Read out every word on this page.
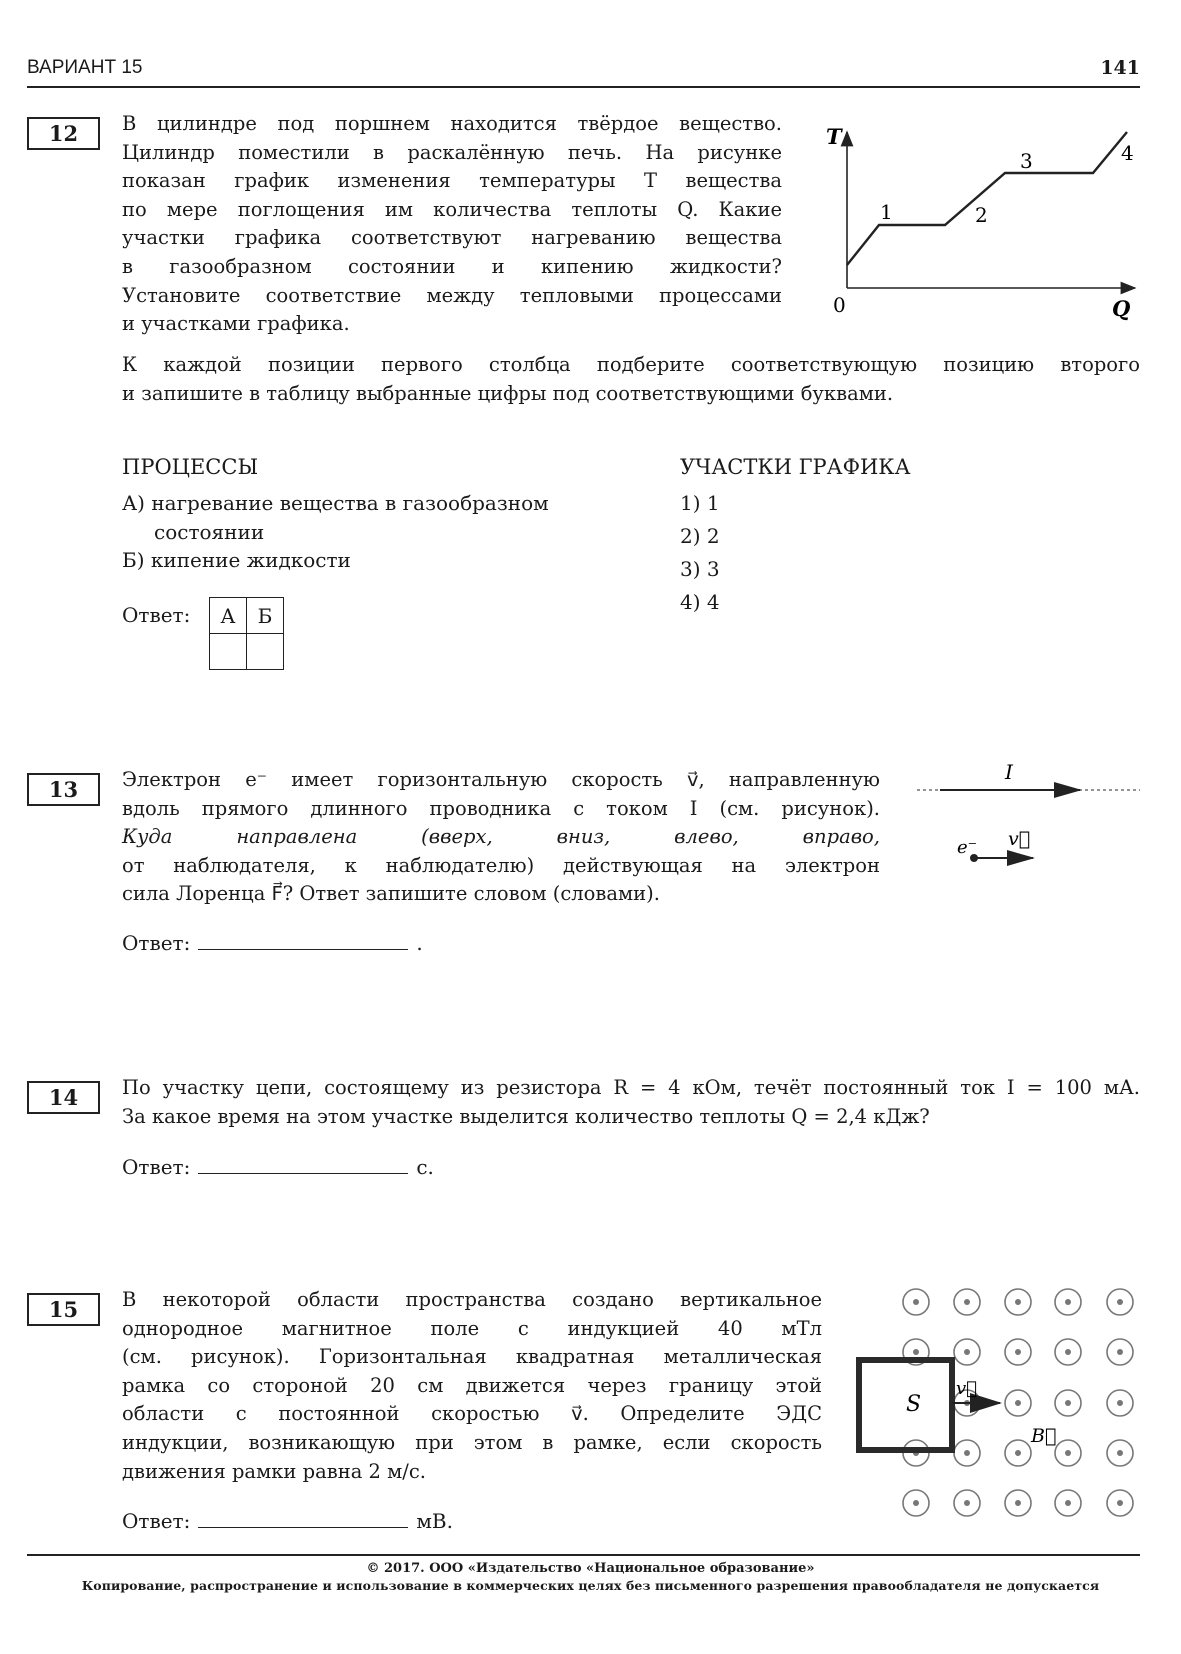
ВАРИАНТ 15	141
12	В цилиндре под поршнем находится твёрдое вещество.
Цилиндр поместили в раскалённую печь. На рисунке
показан график изменения температуры T вещества
по мере поглощения им количества теплоты Q. Какие
участки графика соответствуют нагреванию вещества
в газообразном состоянии и кипению жидкости?
Установите соответствие между тепловыми процессами
и участками графика.
T
Q
0
1	2
3	4
К каждой позиции первого столбца подберите соответствующую позицию второго
и запишите в таблицу выбранные цифры под соответствующими буквами.
ПРОЦЕССЫ	УЧАСТКИ ГРАФИКА
А) нагревание вещества в газообразном
состоянии
Б) кипение жидкости
1) 1
2) 2
3) 3
4) 4
Ответ: А	Б

13	Электрон e⁻ имеет горизонтальную скорость v⃗, направленную
вдоль прямого длинного проводника с током I (см. рисунок).
Куда направлена (вверх, вниз, влево, вправо,
от наблюдателя, к наблюдателю) действующая на электрон
сила Лоренца F⃗? Ответ запишите словом (словами).
I
e⁻ v⃗
Ответ:	.
14	По участку цепи, состоящему из резистора R = 4 кОм, течёт постоянный ток I = 100 мА.
За какое время на этом участке выделится количество теплоты Q = 2,4 кДж?
Ответ:	с.
15	В некоторой области пространства создано вертикальное
однородное магнитное поле с индукцией 40 мТл
(см. рисунок). Горизонтальная квадратная металлическая
рамка со стороной 20 см движется через границу этой
области с постоянной скоростью v⃗. Определите ЭДС
индукции, возникающую при этом в рамке, если скорость
движения рамки равна 2 м/с.
S
v⃗
B⃗
Ответ:	мВ.
© 2017. ООО «Издательство «Национальное образование»
Копирование, распространение и использование в коммерческих целях без письменного разрешения правообладателя не допускается
